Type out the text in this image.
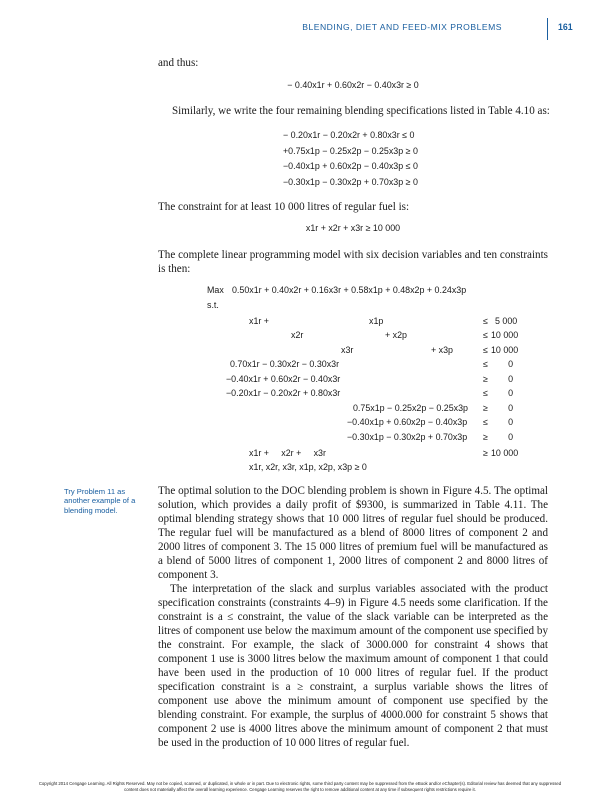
BLENDING, DIET AND FEED-MIX PROBLEMS	161
and thus:
− 0.40x1r + 0.60x2r − 0.40x3r ≥ 0
Similarly, we write the four remaining blending specifications listed in Table 4.10 as:
− 0.20x1r − 0.20x2r + 0.80x3r ≤ 0
+0.75x1p − 0.25x2p − 0.25x3p ≥ 0
−0.40x1p + 0.60x2p − 0.40x3p ≤ 0
−0.30x1p − 0.30x2p + 0.70x3p ≥ 0
The constraint for at least 10 000 litres of regular fuel is:
x1r + x2r + x3r ≥ 10 000
The complete linear programming model with six decision variables and ten constraints is then:
Max 0.50x1r + 0.40x2r + 0.16x3r + 0.58x1p + 0.48x2p + 0.24x3p
s.t.
x1r +	x1p	≤ 5 000
x2r	+ x2p	≤ 10 000
x3r	+ x3p	≤ 10 000
0.70x1r − 0.30x2r − 0.30x3r	≤	0
−0.40x1r + 0.60x2r − 0.40x3r	≥	0
−0.20x1r − 0.20x2r + 0.80x3r	≤	0
0.75x1p − 0.25x2p − 0.25x3p ≥	0
−0.40x1p + 0.60x2p − 0.40x3p ≤	0
−0.30x1p − 0.30x2p + 0.70x3p ≥	0
x1r +     x2r +     x3r	≥ 10 000
x1r, x2r, x3r, x1p, x2p, x3p ≥ 0
Try Problem 11 as another example of a blending model.
The optimal solution to the DOC blending problem is shown in Figure 4.5. The optimal solution, which provides a daily profit of $9300, is summarized in Table 4.11. The optimal blending strategy shows that 10 000 litres of regular fuel should be produced. The regular fuel will be manufactured as a blend of 8000 litres of component 2 and 2000 litres of component 3. The 15 000 litres of premium fuel will be manufactured as a blend of 5000 litres of component 1, 2000 litres of component 2 and 8000 litres of component 3.
The interpretation of the slack and surplus variables associated with the product specification constraints (constraints 4–9) in Figure 4.5 needs some clarification. If the constraint is a ≤ constraint, the value of the slack variable can be interpreted as the litres of component use below the maximum amount of the component use specified by the constraint. For example, the slack of 3000.000 for constraint 4 shows that component 1 use is 3000 litres below the maximum amount of component 1 that could have been used in the production of 10 000 litres of regular fuel. If the product specification constraint is a ≥ constraint, a surplus variable shows the litres of component use above the minimum amount of component use specified by the blending constraint. For example, the surplus of 4000.000 for constraint 5 shows that component 2 use is 4000 litres above the minimum amount of component 2 that must be used in the production of 10 000 litres of regular fuel.
Copyright 2014 Cengage Learning. All Rights Reserved. May not be copied, scanned, or duplicated, in whole or in part. Due to electronic rights, some third party content may be suppressed from the eBook and/or eChapter(s). Editorial review has deemed that any suppressed content does not materially affect the overall learning experience. Cengage Learning reserves the right to remove additional content at any time if subsequent rights restrictions require it.
